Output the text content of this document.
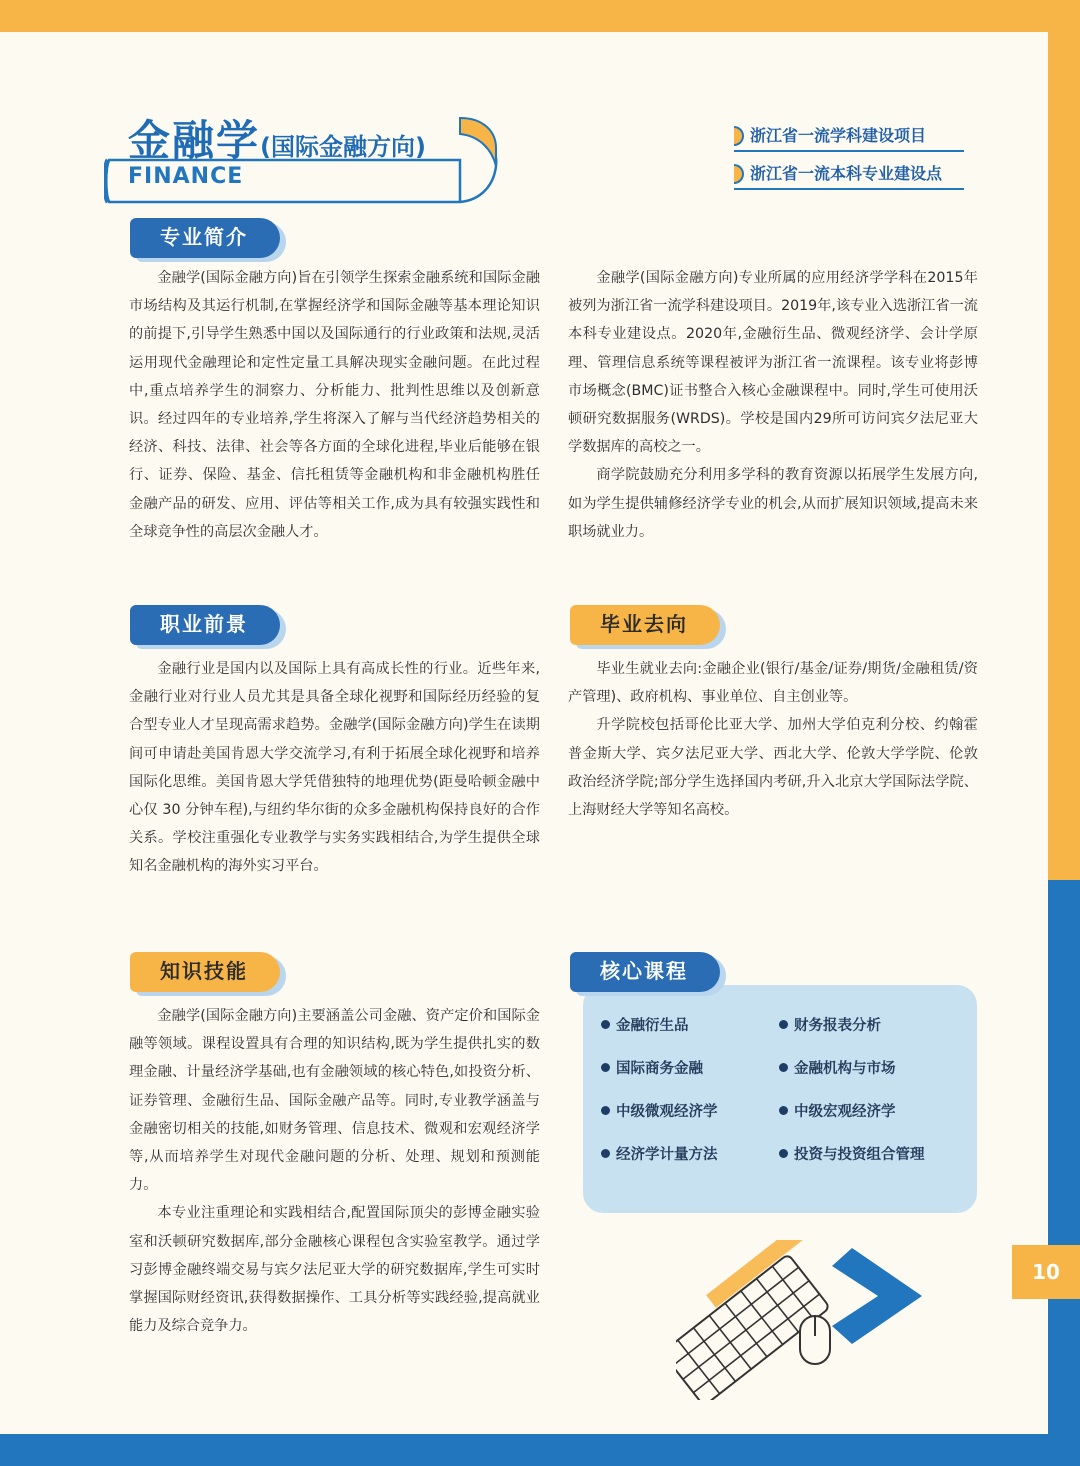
金融学(国际金融方向)
FINANCE
浙江省一流学科建设项目
浙江省一流本科专业建设点
专业简介

金融学(国际金融方向)旨在引领学生探索金融系统和国际金融市场结构及其运行机制,在掌握经济学和国际金融等基本理论知识的前提下,引导学生熟悉中国以及国际通行的行业政策和法规,灵活运用现代金融理论和定性定量工具解决现实金融问题。在此过程中,重点培养学生的洞察力、分析能力、批判性思维以及创新意识。经过四年的专业培养,学生将深入了解与当代经济趋势相关的经济、科技、法律、社会等各方面的全球化进程,毕业后能够在银行、证券、保险、基金、信托租赁等金融机构和非金融机构胜任金融产品的研发、应用、评估等相关工作,成为具有较强实践性和全球竞争性的高层次金融人才。

金融学(国际金融方向)专业所属的应用经济学学科在2015年被列为浙江省一流学科建设项目。2019年,该专业入选浙江省一流本科专业建设点。2020年,金融衍生品、微观经济学、会计学原理、管理信息系统等课程被评为浙江省一流课程。该专业将彭博市场概念(BMC)证书整合入核心金融课程中。同时,学生可使用沃顿研究数据服务(WRDS)。学校是国内29所可访问宾夕法尼亚大学数据库的高校之一。

商学院鼓励充分利用多学科的教育资源以拓展学生发展方向,如为学生提供辅修经济学专业的机会,从而扩展知识领域,提高未来职场就业力。

职业前景

金融行业是国内以及国际上具有高成长性的行业。近些年来,金融行业对行业人员尤其是具备全球化视野和国际经历经验的复合型专业人才呈现高需求趋势。金融学(国际金融方向)学生在读期间可申请赴美国肯恩大学交流学习,有利于拓展全球化视野和培养国际化思维。美国肯恩大学凭借独特的地理优势(距曼哈顿金融中心仅 30 分钟车程),与纽约华尔街的众多金融机构保持良好的合作关系。学校注重强化专业教学与实务实践相结合,为学生提供全球知名金融机构的海外实习平台。

毕业去向

毕业生就业去向:金融企业(银行/基金/证券/期货/金融租赁/资产管理)、政府机构、事业单位、自主创业等。

升学院校包括哥伦比亚大学、加州大学伯克利分校、约翰霍普金斯大学、宾夕法尼亚大学、西北大学、伦敦大学学院、伦敦政治经济学院;部分学生选择国内考研,升入北京大学国际法学院、上海财经大学等知名高校。

知识技能

金融学(国际金融方向)主要涵盖公司金融、资产定价和国际金融等领域。课程设置具有合理的知识结构,既为学生提供扎实的数理金融、计量经济学基础,也有金融领域的核心特色,如投资分析、证券管理、金融衍生品、国际金融产品等。同时,专业教学涵盖与金融密切相关的技能,如财务管理、信息技术、微观和宏观经济学等,从而培养学生对现代金融问题的分析、处理、规划和预测能力。

本专业注重理论和实践相结合,配置国际顶尖的彭博金融实验室和沃顿研究数据库,部分金融核心课程包含实验室教学。通过学习彭博金融终端交易与宾夕法尼亚大学的研究数据库,学生可实时掌握国际财经资讯,获得数据操作、工具分析等实践经验,提高就业能力及综合竞争力。

金融衍生品	财务报表分析
国际商务金融	金融机构与市场
中级微观经济学	中级宏观经济学
经济学计量方法	投资与投资组合管理
核心课程
10
